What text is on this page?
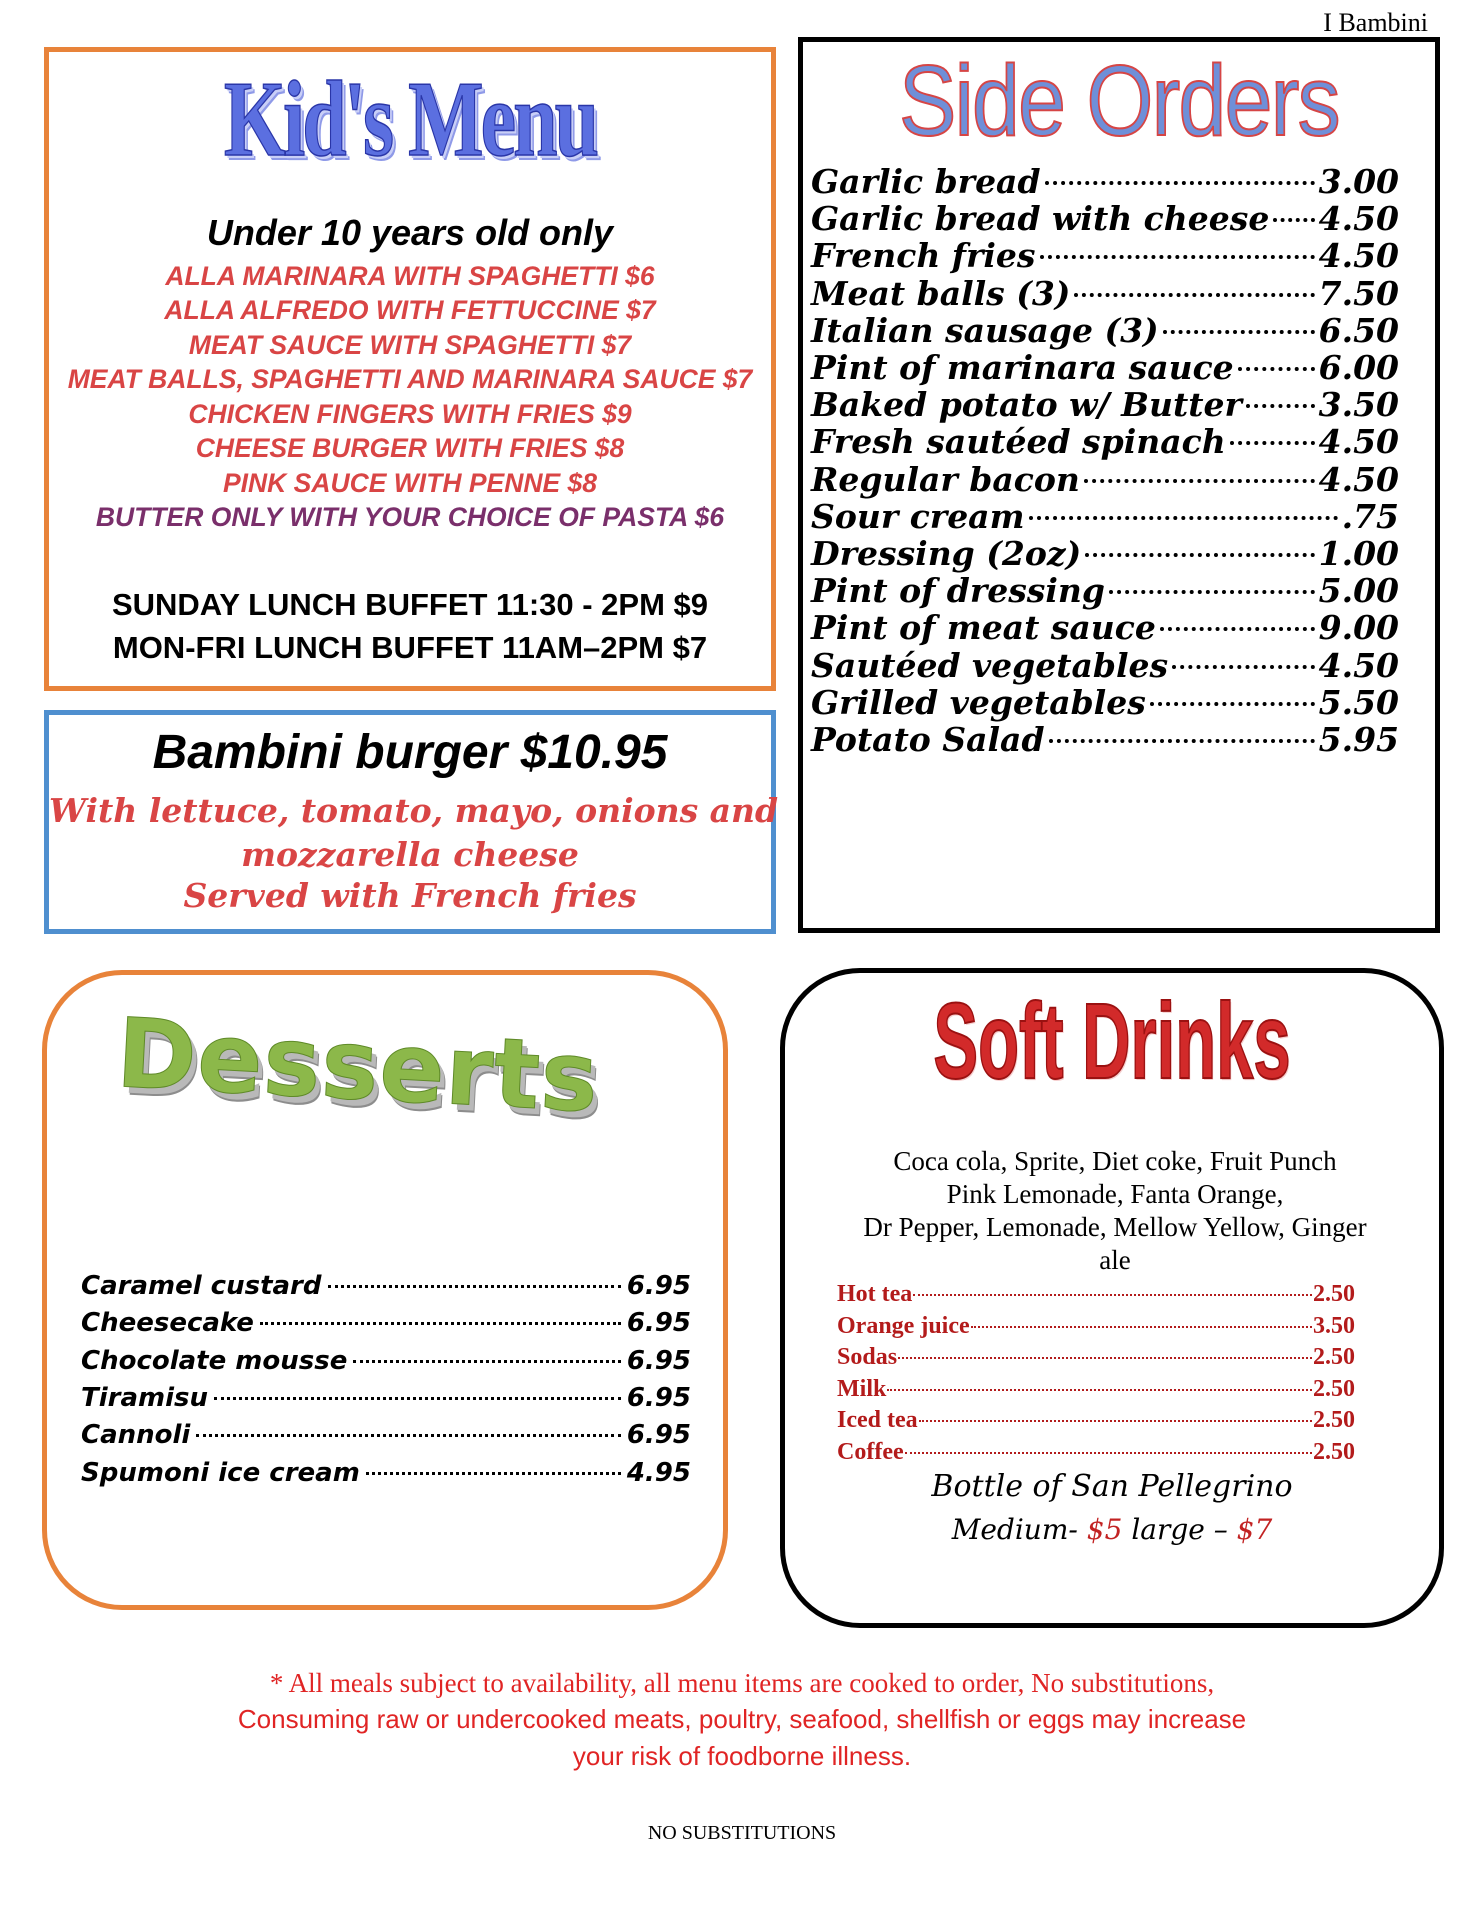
I Bambini
Kid's Menu
Under 10 years old only
ALLA MARINARA WITH SPAGHETTI $6
ALLA ALFREDO WITH FETTUCCINE $7
MEAT SAUCE WITH SPAGHETTI $7
MEAT BALLS, SPAGHETTI AND MARINARA SAUCE $7
CHICKEN FINGERS WITH FRIES $9
CHEESE BURGER WITH FRIES $8
PINK SAUCE WITH PENNE $8
BUTTER ONLY WITH YOUR CHOICE OF PASTA $6
SUNDAY LUNCH BUFFET 11:30 - 2PM $9
MON-FRI LUNCH BUFFET 11AM–2PM $7
Bambini burger $10.95
With lettuce, tomato, mayo, onions and
mozzarella cheese
Served with French fries
Side Orders
Garlic bread	3.00
Garlic bread with cheese 4.50
French fries	4.50
Meat balls (3)	7.50
Italian sausage (3)	6.50
Pint of marinara sauce	6.00
Baked potato w/ Butter 3.50
Fresh sautéed spinach	4.50
Regular bacon	4.50
Sour cream	.75
Dressing (2oz)	1.00
Pint of dressing	5.00
Pint of meat sauce	9.00
Sautéed vegetables	4.50
Grilled vegetables	5.50
Potato Salad	5.95
Desserts
Caramel custard	6.95
Cheesecake	6.95
Chocolate mousse	6.95
Tiramisu	6.95
Cannoli	6.95
Spumoni ice cream	4.95
Soft Drinks
Coca cola, Sprite, Diet coke, Fruit Punch
Pink Lemonade, Fanta Orange,
Dr Pepper, Lemonade, Mellow Yellow, Ginger
ale
Hot tea	2.50
Orange juice	3.50
Sodas	2.50
Milk	2.50
Iced tea	2.50
Coffee	2.50
Bottle of San Pellegrino
Medium- $5 large – $7
* All meals subject to availability, all menu items are cooked to order, No substitutions,
Consuming raw or undercooked meats, poultry, seafood, shellfish or eggs may increase
your risk of foodborne illness.
NO SUBSTITUTIONS
